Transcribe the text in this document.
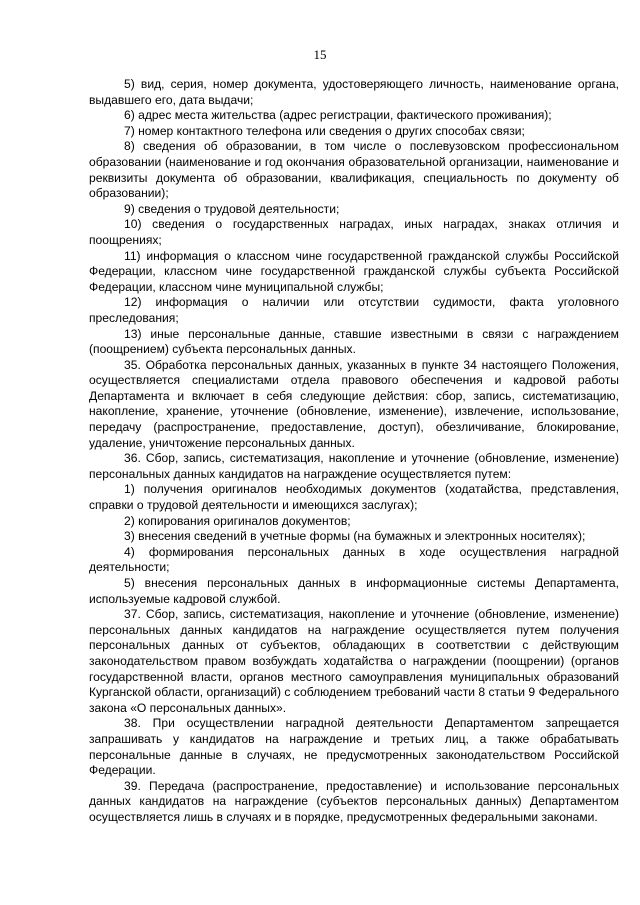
15

5) вид, серия, номер документа, удостоверяющего личность, наименование органа, выдавшего его, дата выдачи;

6) адрес места жительства (адрес регистрации, фактического проживания);

7) номер контактного телефона или сведения о других способах связи;

8) сведения об образовании, в том числе о послевузовском профессиональном образовании (наименование и год окончания образовательной организации, наименование и реквизиты документа об образовании, квалификация, специальность по документу об образовании);

9) сведения о трудовой деятельности;

10) сведения о государственных наградах, иных наградах, знаках отличия и поощрениях;

11) информация о классном чине государственной гражданской службы Российской Федерации, классном чине государственной гражданской службы субъекта Российской Федерации, классном чине муниципальной службы;

12) информация о наличии или отсутствии судимости, факта уголовного преследования;

13) иные персональные данные, ставшие известными в связи с награждением (поощрением) субъекта персональных данных.

35. Обработка персональных данных, указанных в пункте 34 настоящего Положения, осуществляется специалистами отдела правового обеспечения и кадровой работы Департамента и включает в себя следующие действия: сбор, запись, систематизацию, накопление, хранение, уточнение (обновление, изменение), извлечение, использование, передачу (распространение, предоставление, доступ), обезличивание, блокирование, удаление, уничтожение персональных данных.

36. Сбор, запись, систематизация, накопление и уточнение (обновление, изменение) персональных данных кандидатов на награждение осуществляется путем:

1) получения оригиналов необходимых документов (ходатайства, представления, справки о трудовой деятельности и имеющихся заслугах);

2) копирования оригиналов документов;

3) внесения сведений в учетные формы (на бумажных и электронных носителях);

4) формирования персональных данных в ходе осуществления наградной деятельности;

5) внесения персональных данных в информационные системы Департамента, используемые кадровой службой.

37. Сбор, запись, систематизация, накопление и уточнение (обновление, изменение) персональных данных кандидатов на награждение осуществляется путем получения персональных данных от субъектов, обладающих в соответствии с действующим законодательством правом возбуждать ходатайства о награждении (поощрении) (органов государственной власти, органов местного самоуправления муниципальных образований Курганской области, организаций) с соблюдением требований части 8 статьи 9 Федерального закона «О персональных данных».

38. При осуществлении наградной деятельности Департаментом запрещается запрашивать у кандидатов на награждение и третьих лиц, а также обрабатывать персональные данные в случаях, не предусмотренных законодательством Российской Федерации.

39. Передача (распространение, предоставление) и использование персональных данных кандидатов на награждение (субъектов персональных данных) Департаментом осуществляется лишь в случаях и в порядке, предусмотренных федеральными законами.
